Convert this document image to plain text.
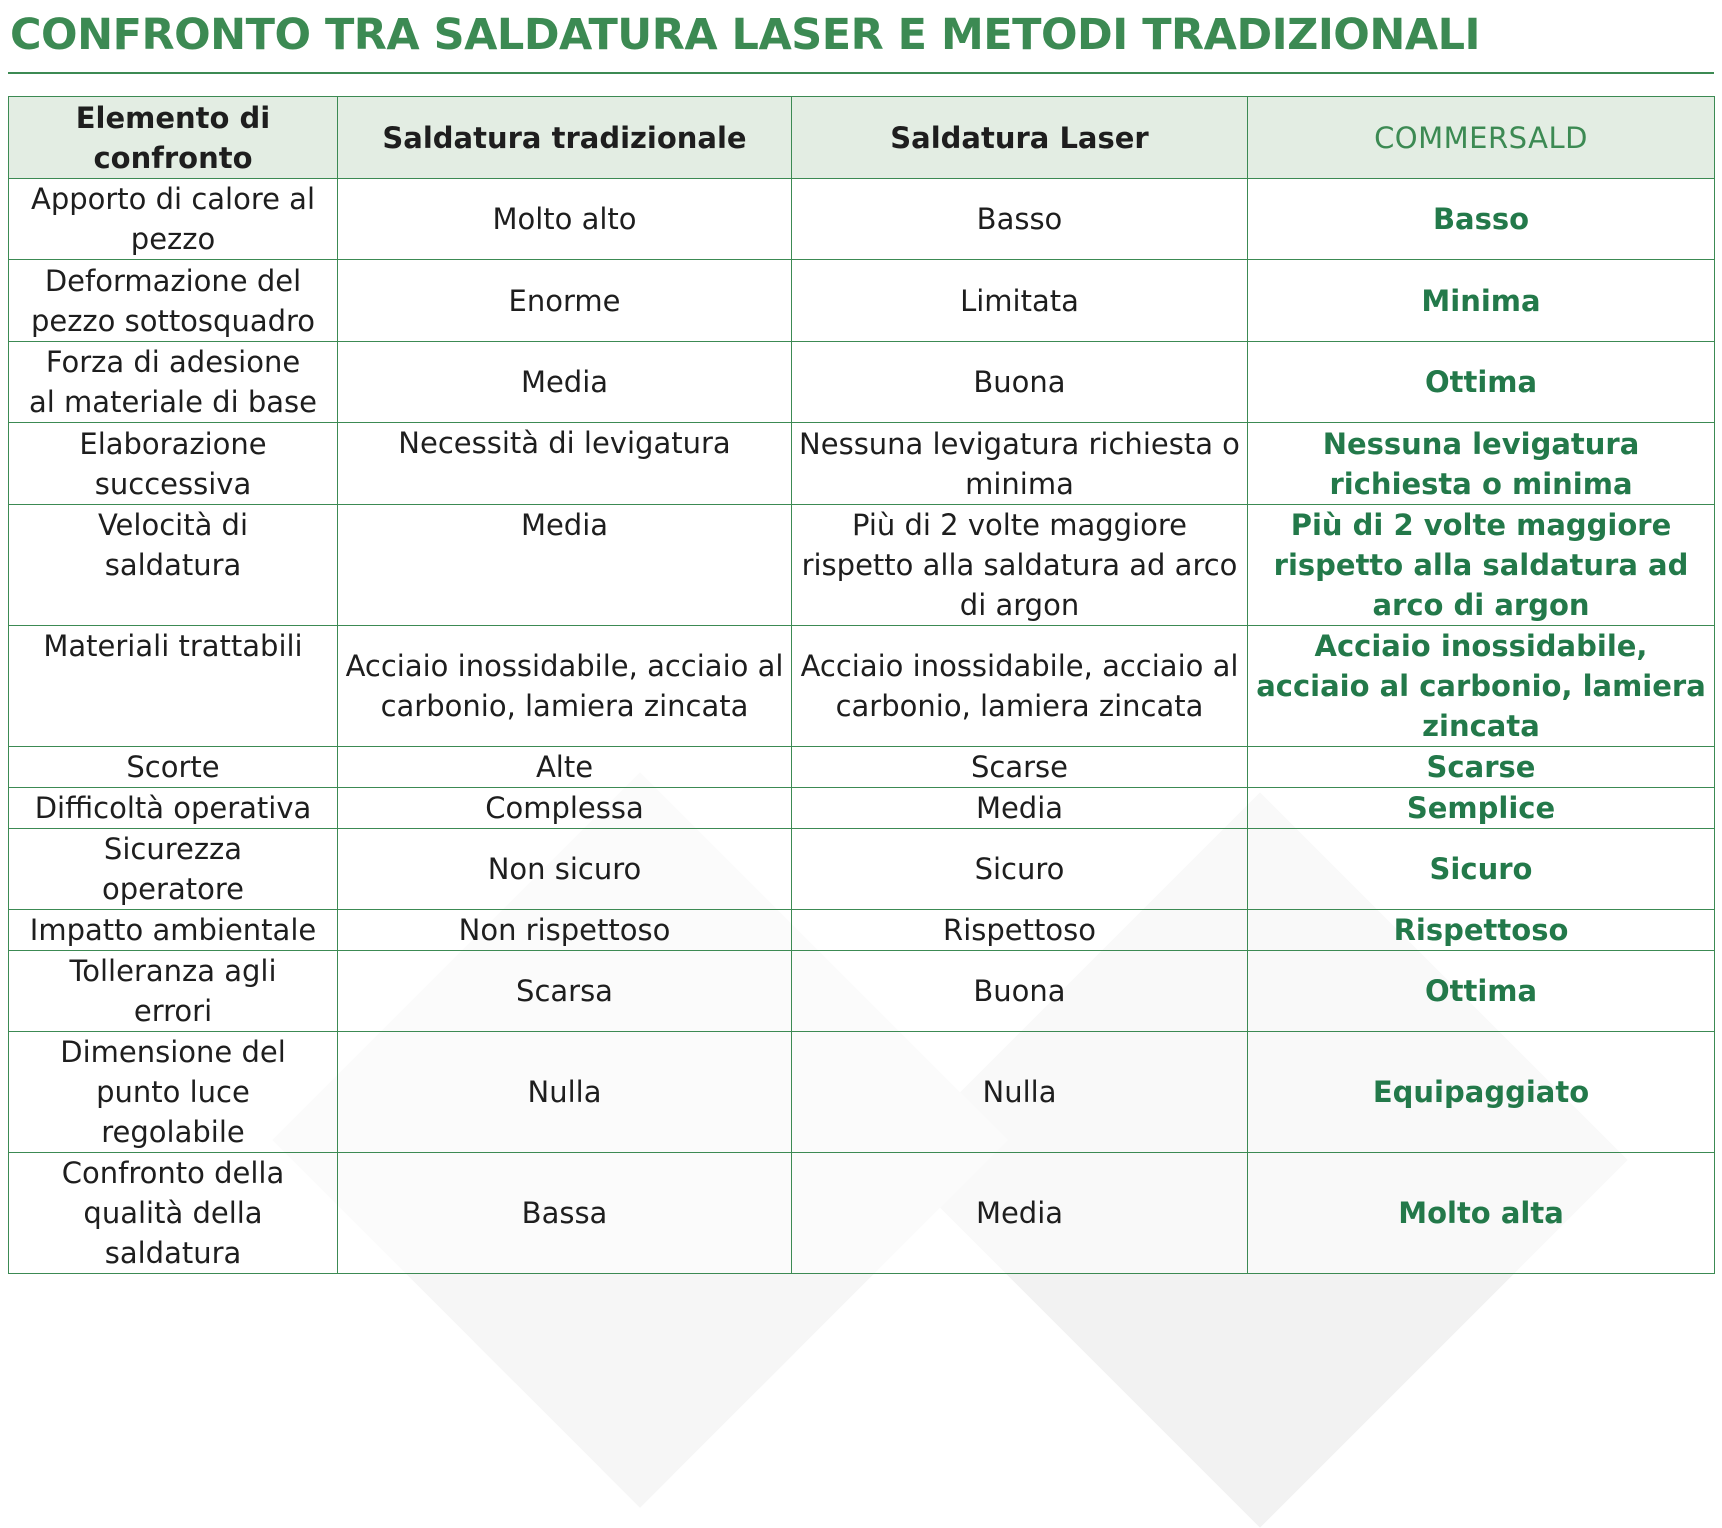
CONFRONTO TRA SALDATURA LASER E METODI TRADIZIONALI
Elemento di confronto	Saldatura tradizionale	Saldatura Laser	COMMERSALD
Apporto di calore al pezzo	Molto alto	Basso	Basso
Deformazione del pezzo sottosquadro	Enorme	Limitata	Minima
Forza di adesione al materiale di base	Media	Buona	Ottima
Elaborazione successiva	Necessità di levigatura	Nessuna levigatura richiesta o minima	Nessuna levigatura richiesta o minima
Velocità di saldatura	Media	Più di 2 volte maggiore rispetto alla saldatura ad arco di argon	Più di 2 volte maggiore rispetto alla saldatura ad arco di argon
Materiali trattabili	Acciaio inossidabile, acciaio al carbonio, lamiera zincata	Acciaio inossidabile, acciaio al carbonio, lamiera zincata	Acciaio inossidabile, acciaio al carbonio, lamiera zincata
Scorte	Alte	Scarse	Scarse
Difficoltà operativa	Complessa	Media	Semplice
Sicurezza operatore	Non sicuro	Sicuro	Sicuro
Impatto ambientale	Non rispettoso	Rispettoso	Rispettoso
Tolleranza agli errori	Scarsa	Buona	Ottima
Dimensione del punto luce regolabile	Nulla	Nulla	Equipaggiato
Confronto della qualità della saldatura	Bassa	Media	Molto alta
